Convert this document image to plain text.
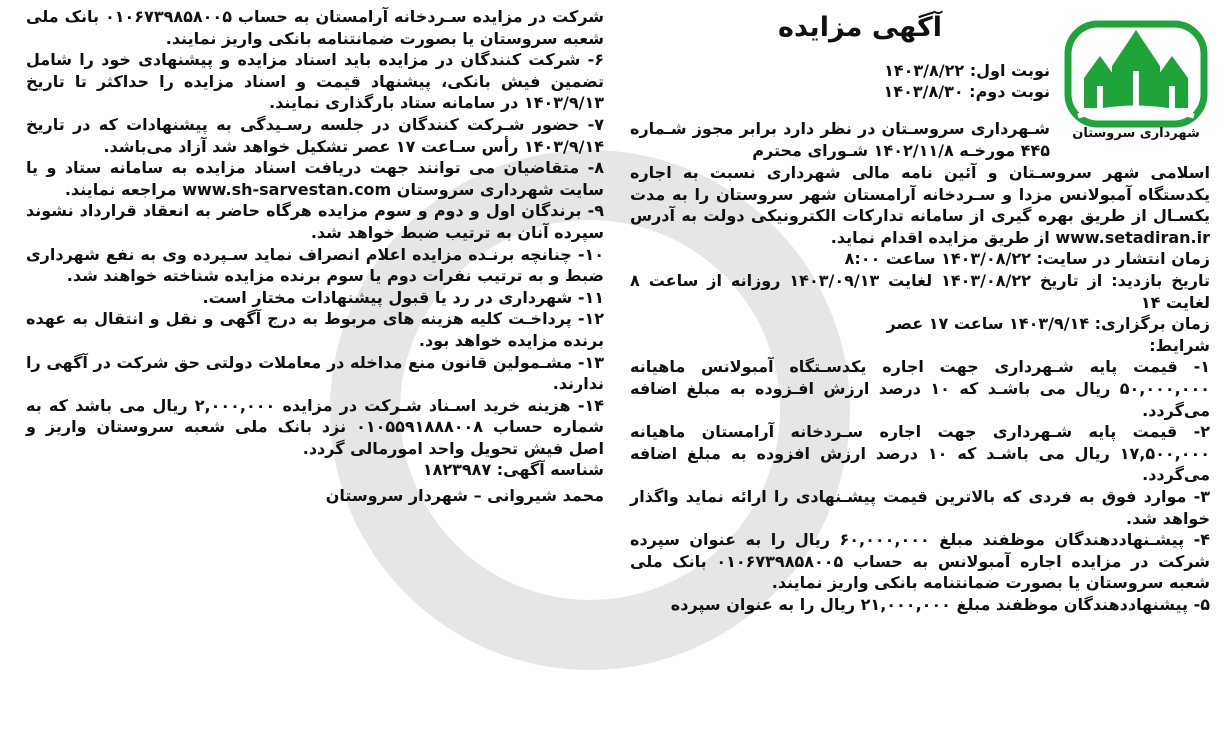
شهرداری سروستان
آگهی مزایده
نوبت اول: ۱۴۰۳/۸/۲۲
نوبت دوم: ۱۴۰۳/۸/۳۰
شـهرداری سروسـتان در نظر دارد برابر مجوز شـماره ۴۴۵ مورخـه ۱۴۰۲/۱۱/۸ شـورای محترم

اسلامی شهر سروسـتان و آئین نامه مالی شهرداری نسبت به اجاره یکدستگاه آمبولانس مزدا و سـردخانه آرامستان شهر سروستان را به مدت یکسـال از طریق بهره گیری از سامانه تدارکات الکترونیکی دولت به آدرس www.setadiran.ir از طریق مزایده اقدام نماید.

زمان انتشار در سایت: ۱۴۰۳/۰۸/۲۲ ساعت ۸:۰۰

تاریخ بازدید: از تاریخ ۱۴۰۳/۰۸/۲۲ لغایت ۱۴۰۳/۰۹/۱۳ روزانه از ساعت ۸ لغایت ۱۴

زمان برگزاری: ۱۴۰۳/۹/۱۴ ساعت ۱۷ عصر

شرایط:

۱- قیمت پایه شـهرداری جهت اجاره یکدسـتگاه آمبولانس ماهیانه ۵۰,۰۰۰,۰۰۰ ریال می باشـد که ۱۰ درصد ارزش افـزوده به مبلغ اضافه می‌گردد.

۲- قیمت پایه شـهرداری جهت اجاره سـردخانه آرامستان ماهیانه ۱۷,۵۰۰,۰۰۰ ریال می باشـد که ۱۰ درصد ارزش افزوده به مبلغ اضافه می‌گردد.

۳- موارد فوق به فردی که بالاترین قیمت پیشـنهادی را ارائه نماید واگذار خواهد شد.

۴- پیشـنهاددهندگان موظفند مبلغ ۶۰,۰۰۰,۰۰۰ ریال را به عنوان سپرده شرکت در مزایده اجاره آمبولانس به حساب ۰۱۰۶۷۳۹۸۵۸۰۰۵ بانک ملی شعبه سروستان یا بصورت ضمانتنامه بانکی واریز نمایند.

۵- پیشنهاددهندگان موظفند مبلغ ۲۱,۰۰۰,۰۰۰ ریال را به عنوان سپرده

شرکت در مزایده سـردخانه آرامستان به حساب ۰۱۰۶۷۳۹۸۵۸۰۰۵ بانک ملی شعبه سروستان یا بصورت ضمانتنامه بانکی واریز نمایند.

۶- شرکت کنندگان در مزایده باید اسناد مزایده و پیشنهادی خود را شامل تضمین فیش بانکی، پیشنهاد قیمت و اسناد مزایده را حداکثر تا تاریخ ۱۴۰۳/۹/۱۳ در سامانه ستاد بارگذاری نمایند.

۷- حضور شـرکت کنندگان در جلسه رسـیدگی به پیشنهادات که در تاریخ ۱۴۰۳/۹/۱۴ رأس سـاعت ۱۷ عصر تشکیل خواهد شد آزاد می‌باشد.

۸- متقاضیان می توانند جهت دریافت اسناد مزایده به سامانه ستاد و یا سایت شهرداری سروستان www.sh-sarvestan.com مراجعه نمایند.

۹- برندگان اول و دوم و سوم مزایده هرگاه حاضر به انعقاد قرارداد نشوند سپرده آنان به ترتیب ضبط خواهد شد.

۱۰- چنانچه برنـده مزایده اعلام انصراف نماید سـپرده وی به نفع شهرداری ضبط و به ترتیب نفرات دوم یا سوم برنده مزایده شناخته خواهند شد.

۱۱- شهرداری در رد یا قبول پیشنهادات مختار است.

۱۲- پرداخـت کلیه هزینه های مربوط به درج آگهی و نقل و انتقال به عهده برنده مزایده خواهد بود.

۱۳- مشـمولین قانون منع مداخله در معاملات دولتی حق شرکت در آگهی را ندارند.

۱۴- هزینه خرید اسـناد شـرکت در مزایده ۲,۰۰۰,۰۰۰ ریال می باشد که به شماره حساب ۰۱۰۵۵۹۱۸۸۸۰۰۸ نزد بانک ملی شعبه سروستان واریز و اصل فیش تحویل واحد امورمالی گردد.

شناسه آگهی: ۱۸۲۳۹۸۷

محمد شیروانی – شهردار سروستان
